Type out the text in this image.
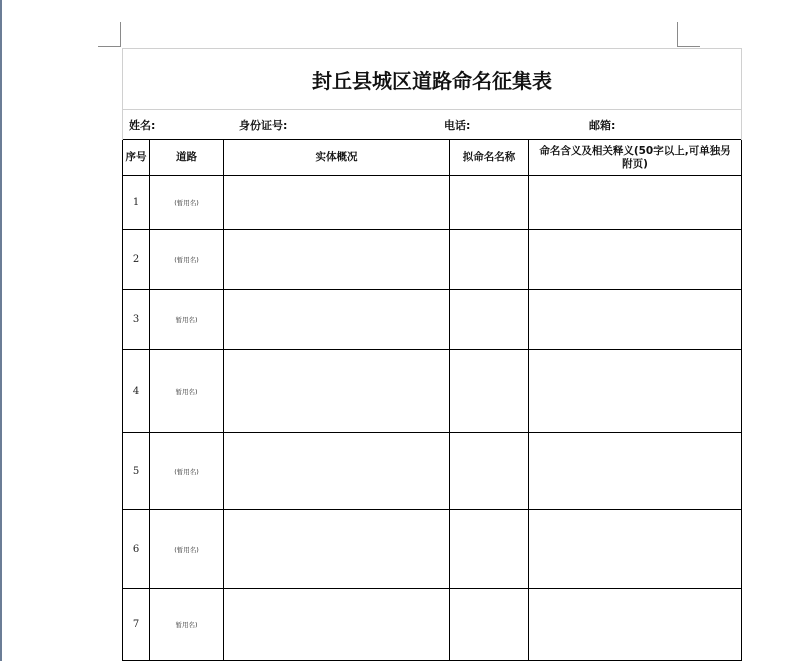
封丘县城区道路命名征集表				
姓名: 身份证号: 电话: 邮箱:				
序号	道路	实体概况	拟命名名称	命名含义及相关释义(50字以上,可单独另附页)
1	(暂用名)			
2	(暂用名)			
3	暂用名)			
4	暂用名)			
5	(暂用名)			
6	(暂用名)			
7	暂用名)			
